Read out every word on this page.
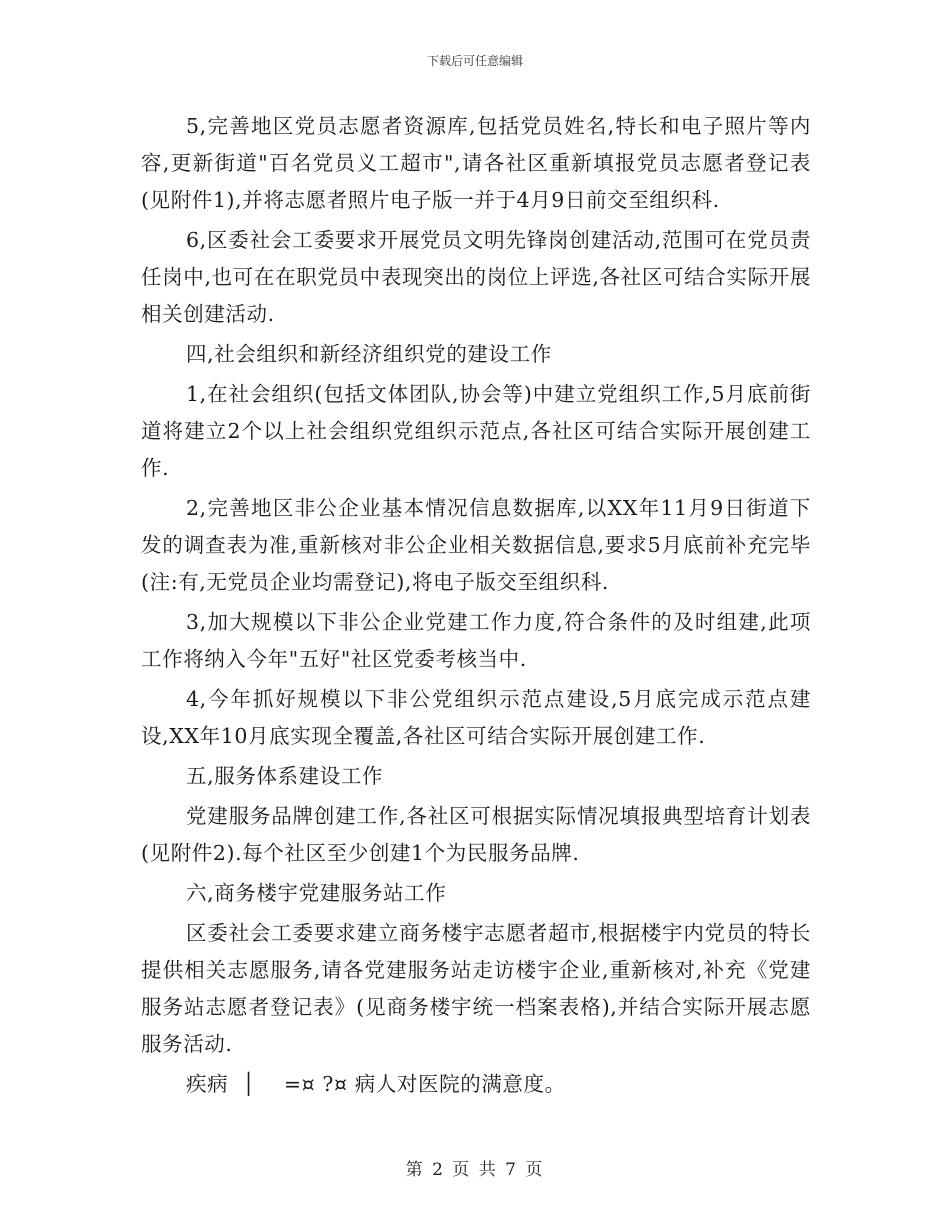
下载后可任意编辑

5,完善地区党员志愿者资源库,包括党员姓名,特长和电子照片等内容,更新街道"百名党员义工超市",请各社区重新填报党员志愿者登记表(见附件1),并将志愿者照片电子版一并于4月9日前交至组织科.

6,区委社会工委要求开展党员文明先锋岗创建活动,范围可在党员责任岗中,也可在在职党员中表现突出的岗位上评选,各社区可结合实际开展相关创建活动.

四,社会组织和新经济组织党的建设工作

1,在社会组织(包括文体团队,协会等)中建立党组织工作,5月底前街道将建立2个以上社会组织党组织示范点,各社区可结合实际开展创建工作.

2,完善地区非公企业基本情况信息数据库,以XX年11月9日街道下发的调查表为准,重新核对非公企业相关数据信息,要求5月底前补充完毕(注:有,无党员企业均需登记),将电子版交至组织科.

3,加大规模以下非公企业党建工作力度,符合条件的及时组建,此项工作将纳入今年"五好"社区党委考核当中.

4,今年抓好规模以下非公党组织示范点建设,5月底完成示范点建设,XX年10月底实现全覆盖,各社区可结合实际开展创建工作.

五,服务体系建设工作

党建服务品牌创建工作,各社区可根据实际情况填报典型培育计划表(见附件2).每个社区至少创建1个为民服务品牌.

六,商务楼宇党建服务站工作

区委社会工委要求建立商务楼宇志愿者超市,根据楼宇内党员的特长提供相关志愿服务,请各党建服务站走访楼宇企业,重新核对,补充《党建服务站志愿者登记表》(见商务楼宇统一档案表格),并结合实际开展志愿服务活动.

疾病  │    =¤ ?¤ 病人对医院的满意度。

第 2 页 共 7 页
